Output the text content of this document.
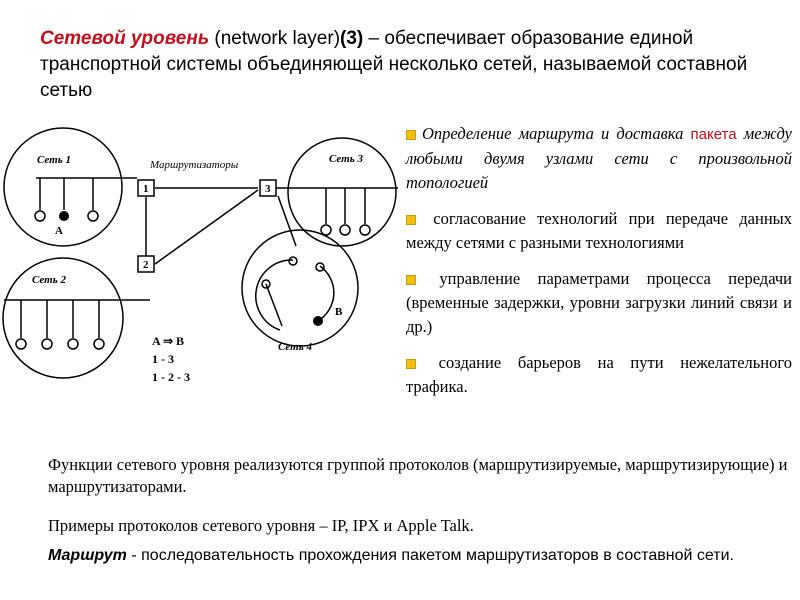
Сетевой уровень (network layer)(3) – обеспечивает образование единой транспортной системы объединяющей несколько сетей, называемой составной сетью
Сеть 1
Сеть 2
Сеть 3
Сеть 4
Маршрутизаторы
1
2
3
A
B
A ⇒ B
1 - 3
1 - 2 - 3
Определение маршрута и доставка пакета между любыми двумя узлами сети с произвольной топологией
согласование технологий при передаче данных между сетями с разными технологиями
управление параметрами процесса передачи (временные задержки, уровни загрузки линий связи и др.)
создание барьеров на пути нежелательного трафика.
Функции сетевого уровня реализуются группой протоколов (маршрутизируемые, маршрутизирующие) и маршрутизаторами.
Примеры протоколов сетевого уровня – IP, IPX и Apple Talk.
Маршрут - последовательность прохождения пакетом маршрутизаторов в составной сети.
